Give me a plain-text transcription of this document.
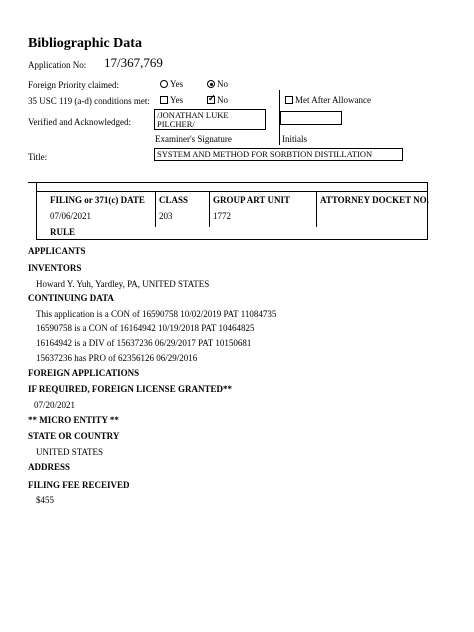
Bibliographic Data
Application No: 17/367,769
Foreign Priority claimed:	Yes	No
35 USC 119 (a-d) conditions met:	Yes
✓	No	Met After Allowance
Verified and Acknowledged:
/JONATHAN LUKE PILCHER/
Examiner's Signature	Initials
Title:	SYSTEM AND METHOD FOR SORBTION DISTILLATION
FILING or 371(c) DATE CLASS	GROUP ART UNIT	ATTORNEY DOCKET NO.
07/06/2021	203	1772
RULE
APPLICANTS
INVENTORS
Howard Y. Yuh, Yardley, PA, UNITED STATES
CONTINUING DATA
This application is a CON of 16590758 10/02/2019 PAT 11084735
16590758 is a CON of 16164942 10/19/2018 PAT 10464825
16164942 is a DIV of 15637236 06/29/2017 PAT 10150681
15637236 has PRO of 62356126 06/29/2016
FOREIGN APPLICATIONS
IF REQUIRED, FOREIGN LICENSE GRANTED**
07/20/2021
** MICRO ENTITY **
STATE OR COUNTRY
UNITED STATES
ADDRESS
FILING FEE RECEIVED
$455
